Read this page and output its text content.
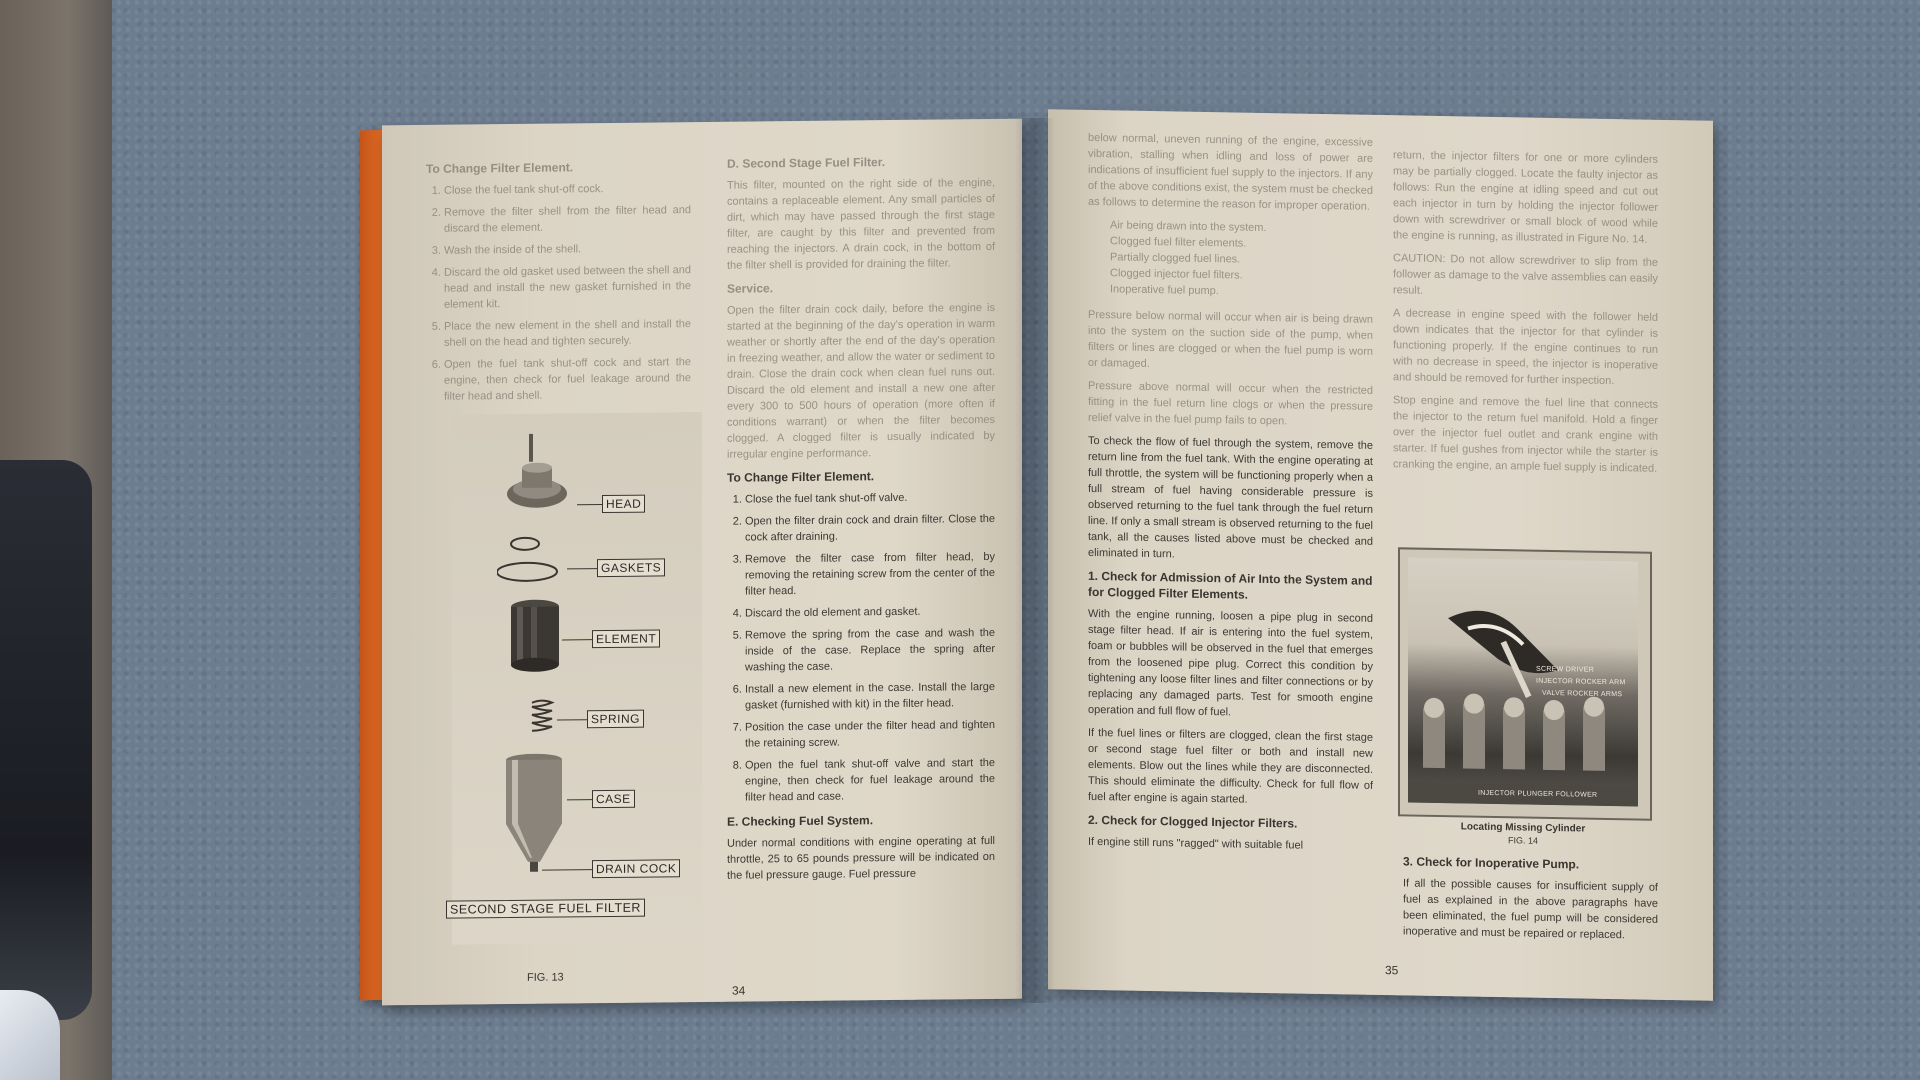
To Change Filter Element.
1. Close the fuel tank shut-off cock.
2. Remove the filter shell from the filter head and discard the element.
3. Wash the inside of the shell.
4. Discard the old gasket used between the shell and head and install the new gasket furnished in the element kit.
5. Place the new element in the shell and install the shell on the head and tighten securely.
6. Open the fuel tank shut-off cock and start the engine, then check for fuel leakage around the filter head and shell.
HEAD
GASKETS
ELEMENT
SPRING
CASE
DRAIN COCK
SECOND STAGE FUEL FILTER
FIG. 13
D. Second Stage Fuel Filter.

This filter, mounted on the right side of the engine, contains a replaceable element. Any small particles of dirt, which may have passed through the first stage filter, are caught by this filter and prevented from reaching the injectors. A drain cock, in the bottom of the filter shell is provided for draining the filter.

Service.

Open the filter drain cock daily, before the engine is started at the beginning of the day's operation in warm weather or shortly after the end of the day's operation in freezing weather, and allow the water or sediment to drain. Close the drain cock when clean fuel runs out. Discard the old element and install a new one after every 300 to 500 hours of operation (more often if conditions warrant) or when the filter becomes clogged. A clogged filter is usually indicated by irregular engine performance.

To Change Filter Element.
1. Close the fuel tank shut-off valve.
2. Open the filter drain cock and drain filter. Close the cock after draining.
3. Remove the filter case from filter head, by removing the retaining screw from the center of the filter head.
4. Discard the old element and gasket.
5. Remove the spring from the case and wash the inside of the case. Replace the spring after washing the case.
6. Install a new element in the case. Install the large gasket (furnished with kit) in the filter head.
7. Position the case under the filter head and tighten the retaining screw.
8. Open the fuel tank shut-off valve and start the engine, then check for fuel leakage around the filter head and case.
E. Checking Fuel System.

Under normal conditions with engine operating at full throttle, 25 to 65 pounds pressure will be indicated on the fuel pressure gauge. Fuel pressure

34

below normal, uneven running of the engine, excessive vibration, stalling when idling and loss of power are indications of insufficient fuel supply to the injectors. If any of the above conditions exist, the system must be checked as follows to determine the reason for improper operation.

Air being drawn into the system.
Clogged fuel filter elements.
Partially clogged fuel lines.
Clogged injector fuel filters.
Inoperative fuel pump.

Pressure below normal will occur when air is being drawn into the system on the suction side of the pump, when filters or lines are clogged or when the fuel pump is worn or damaged.

Pressure above normal will occur when the restricted fitting in the fuel return line clogs or when the pressure relief valve in the fuel pump fails to open.

To check the flow of fuel through the system, remove the return line from the fuel tank. With the engine operating at full throttle, the system will be functioning properly when a full stream of fuel having considerable pressure is observed returning to the fuel tank through the fuel return line. If only a small stream is observed returning to the fuel tank, all the causes listed above must be checked and eliminated in turn.

1. Check for Admission of Air Into the System and for Clogged Filter Elements.

With the engine running, loosen a pipe plug in second stage filter head. If air is entering into the fuel system, foam or bubbles will be observed in the fuel that emerges from the loosened pipe plug. Correct this condition by tightening any loose filter lines and filter connections or by replacing any damaged parts. Test for smooth engine operation and full flow of fuel.

If the fuel lines or filters are clogged, clean the first stage or second stage fuel filter or both and install new elements. Blow out the lines while they are disconnected. This should eliminate the difficulty. Check for full flow of fuel after engine is again started.

2. Check for Clogged Injector Filters.

If engine still runs "ragged" with suitable fuel

return, the injector filters for one or more cylinders may be partially clogged. Locate the faulty injector as follows: Run the engine at idling speed and cut out each injector in turn by holding the injector follower down with screwdriver or small block of wood while the engine is running, as illustrated in Figure No. 14.

CAUTION: Do not allow screwdriver to slip from the follower as damage to the valve assemblies can easily result.

A decrease in engine speed with the follower held down indicates that the injector for that cylinder is functioning properly. If the engine continues to run with no decrease in speed, the injector is inoperative and should be removed for further inspection.

Stop engine and remove the fuel line that connects the injector to the return fuel manifold. Hold a finger over the injector fuel outlet and crank engine with starter. If fuel gushes from injector while the starter is cranking the engine, an ample fuel supply is indicated.

SCREW DRIVER
INJECTOR ROCKER ARM
VALVE ROCKER ARMS
INJECTOR PLUNGER FOLLOWER
Locating Missing Cylinder
FIG. 14
3. Check for Inoperative Pump.

If all the possible causes for insufficient supply of fuel as explained in the above paragraphs have been eliminated, the fuel pump will be considered inoperative and must be repaired or replaced.

35
